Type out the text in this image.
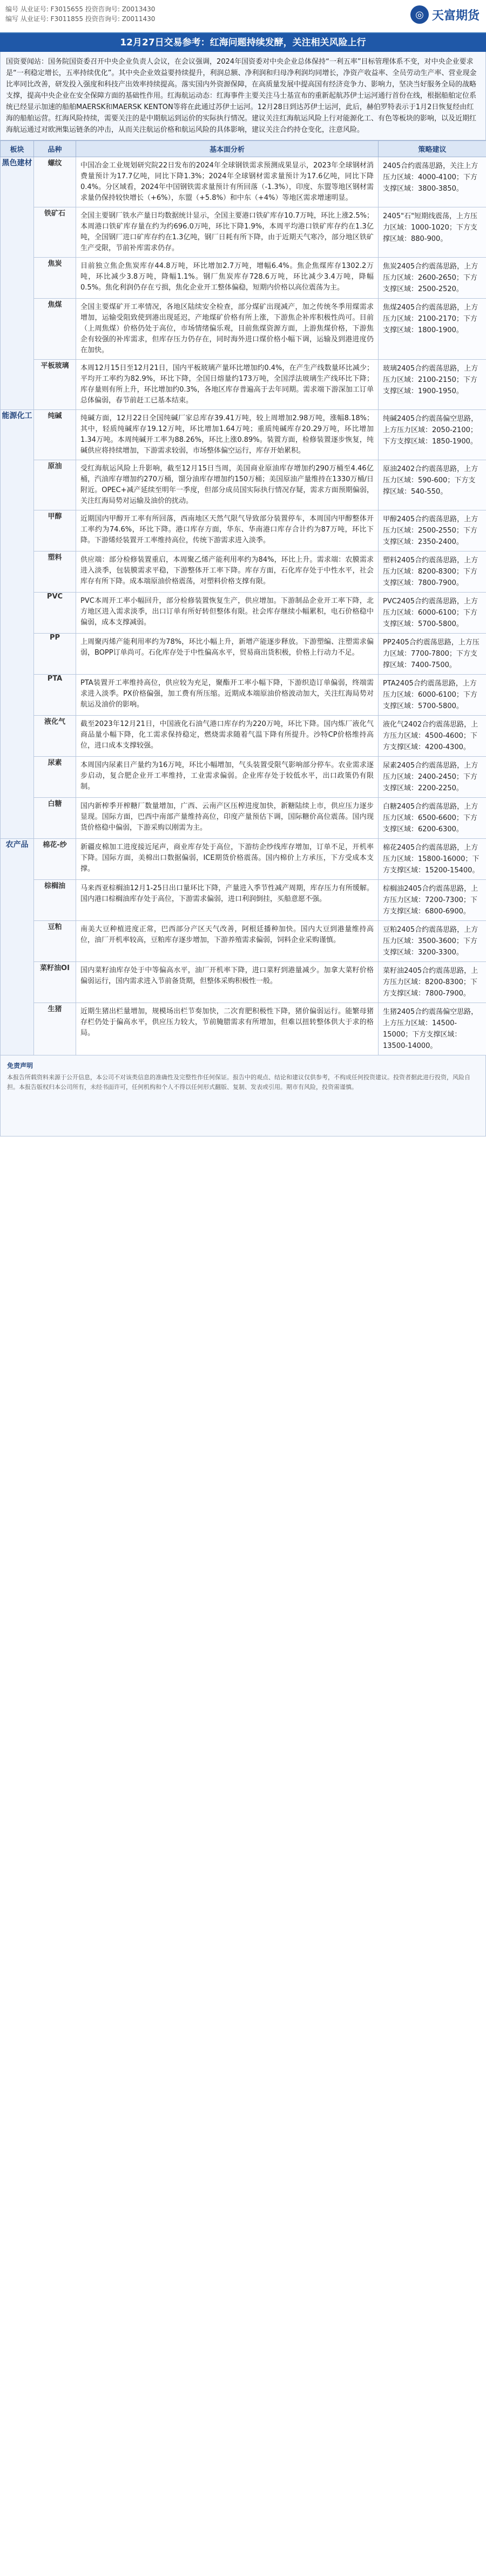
编号 从业证号: F3015655 投资咨询号: Z0013430
编写 从业证号: F3011855 投资咨询号: Z0011430	◎ 天富期货
12月27日交易参考：红海问题持续发酵，关注相关风险上行
国资要闻站：国务院国资委召开中央企业负责人会议，在会议强调，2024年国资委对中央企业总体保持“一利五率”目标管理体系不变，对中央企业要求是“一利稳定增长，五率持续优化”。其中央企业效益要持续提升，利润总额、净利润和归母净利润均同增长，净资产收益率、全员劳动生产率、营业现金比率同比改善，研发投入强度和科技产出效率持续提高。落实国内外资源保障，在高质量发展中提高国有经济竞争力、影响力，坚决当好服务全局的战略支撑，提高中央企业在安全保障方面的基础性作用。红海航运动态：红海事件主要关注马士基宣布的重新起航苏伊士运河通行首份在线，根据船舶定位系统已经显示加速的船舶MAERSK和MAERSK KENTON等将在此通过苏伊士运河。12月28日到达苏伊士运河，此后，赫伯罗特表示于1月2日恢复经由红海的船舶运营。红海风险持续，需要关注的是中期航运到运价的实际执行情况。建议关注红海航运风险上行对能源化工、有色等板块的影响，以及近期红海航运通过对欧洲集运链条的冲击，从而关注航运价格和航运风险的具体影响，建议关注合约持仓变化，注意风险。
板块	品种	基本面分析	策略建议
黑色建材	螺纹	中国冶金工业规划研究院22日发布的2024年全球钢铁需求预测成果显示，2023年全球钢材消费量预计为17.7亿吨，同比下降1.3%；2024年全球钢材需求量预计为17.6亿吨，同比下降0.4%。分区域看，2024年中国钢铁需求量预计有所回落（-1.3%），印度、东盟等地区钢材需求量仍保持较快增长（+6%），东盟（+5.8%）和中东（+4%）等地区需求增速明显。	2405合约震荡思路，关注上方压力区域：4000-4100；下方支撑区域：3800-3850。
	铁矿石	全国主要钢厂铁水产量日均数据统计显示，全国主要港口铁矿库存10.7万吨，环比上涨2.5%；本周港口铁矿库存量在约为约696.0万吨，环比下降1.9%，本周平均港口铁矿库存约在1.3亿吨，全国钢厂进口矿库存约在1.3亿吨，钢厂日耗有所下降，由于近期天气寒冷，部分地区铁矿生产受限，节前补库需求仍存。	2405"石"短期线震荡，上方压力区域：1000-1020；下方支撑区域：880-900。
	焦炭	目前独立焦企焦炭库存44.8万吨，环比增加2.7万吨，增幅6.4%。焦企焦煤库存1302.2万吨，环比减少3.8万吨，降幅1.1%。钢厂焦炭库存728.6万吨，环比减少3.4万吨，降幅0.5%。焦化利润仍存在亏损，焦化企业开工整体偏稳，短期内价格以高位震荡为主。	焦炭2405合约震荡思路，上方压力区域：2600-2650；下方支撑区域：2500-2520。
	焦煤	全国主要煤矿开工率情况，各地区陆续安全检查，部分煤矿出现减产，加之传统冬季用煤需求增加，运输受阻致使到港出现延迟，产地煤矿价格有所上涨，下游焦企补库积极性尚可。目前（上周焦煤）价格仍处于高位，市场情绪偏乐观，目前焦煤资源方面，上游焦煤价格，下游焦企有较强的补库需求，但库存压力仍存在，同时海外进口煤价格小幅下调，运输及到港进度仍在加快。	焦煤2405合约震荡思路，上方压力区域：2100-2170；下方支撑区域：1800-1900。
	平板玻璃	本周12月15日至12月21日，国内平板玻璃产量环比增加约0.4%，在产生产线数量环比减少；平均开工率约为82.9%，环比下降，全国日熔量约173万吨，全国浮法玻璃生产线环比下降；库存量则有所上升，环比增加约0.3%，各地区库存普遍高于去年同期。需求端下游深加工订单总体偏弱，春节前赶工已基本结束。	玻璃2405合约震荡思路，上方压力区域：2100-2150；下方支撑区域：1900-1950。
能源化工	纯碱	纯碱方面，12月22日全国纯碱厂家总库存39.41万吨，较上周增加2.98万吨，涨幅8.18%；其中，轻质纯碱库存19.12万吨，环比增加1.64万吨；重质纯碱库存20.29万吨，环比增加1.34万吨。本周纯碱开工率为88.26%，环比上涨0.89%。装置方面，检修装置逐步恢复，纯碱供应将持续增加，下游需求较弱，市场整体偏空运行，库存开始累积。	纯碱2405合约震荡偏空思路，上方压力区域：2050-2100；下方支撑区域：1850-1900。
	原油	受红海航运风险上升影响，截至12月15日当周，美国商业原油库存增加约290万桶至4.46亿桶，汽油库存增加约270万桶，馏分油库存增加约150万桶；美国原油产量维持在1330万桶/日附近。OPEC+减产延续至明年一季度，但部分成员国实际执行情况存疑，需求方面预期偏弱，关注红海局势对运输及油价的扰动。	原油2402合约震荡思路，上方压力区域：590-600；下方支撑区域：540-550。
	甲醇	近期国内甲醇开工率有所回落，西南地区天然气限气导致部分装置停车，本周国内甲醇整体开工率约为74.6%，环比下降。港口库存方面，华东、华南港口库存合计约为87万吨，环比下降。下游烯烃装置开工率维持高位，传统下游需求进入淡季。	甲醇2405合约震荡思路，上方压力区域：2500-2550；下方支撑区域：2350-2400。
	塑料	供应端：部分检修装置重启，本周聚乙烯产能利用率约为84%，环比上升。需求端：农膜需求进入淡季，包装膜需求平稳，下游整体开工率下降。库存方面，石化库存处于中性水平，社会库存有所下降。成本端原油价格震荡，对塑料价格支撑有限。	塑料2405合约震荡思路，上方压力区域：8200-8300；下方支撑区域：7800-7900。
	PVC	PVC本周开工率小幅回升，部分检修装置恢复生产，供应增加。下游制品企业开工率下降，北方地区进入需求淡季，出口订单有所好转但整体有限。社会库存继续小幅累积，电石价格稳中偏弱，成本支撑减弱。	PVC2405合约震荡思路，上方压力区域：6000-6100；下方支撑区域：5700-5800。
	PP	上周聚丙烯产能利用率约为78%，环比小幅上升，新增产能逐步释放。下游塑编、注塑需求偏弱，BOPP订单尚可。石化库存处于中性偏高水平，贸易商出货积极，价格上行动力不足。	PP2405合约震荡思路，上方压力区域：7700-7800；下方支撑区域：7400-7500。
	PTA	PTA装置开工率维持高位，供应较为充足，聚酯开工率小幅下降，下游织造订单偏弱，终端需求进入淡季。PX价格偏强，加工费有所压缩。近期成本端原油价格波动加大，关注红海局势对航运及油价的影响。	PTA2405合约震荡思路，上方压力区域：6000-6100；下方支撑区域：5700-5800。
	液化气	截至2023年12月21日，中国液化石油气港口库存约为220万吨，环比下降。国内炼厂液化气商品量小幅下降，化工需求保持稳定，燃烧需求随着气温下降有所提升。沙特CP价格维持高位，进口成本支撑较强。	液化气2402合约震荡思路，上方压力区域：4500-4600；下方支撑区域：4200-4300。
	尿素	本周国内尿素日产量约为16万吨，环比小幅增加，气头装置受限气影响部分停车。农业需求逐步启动，复合肥企业开工率维持，工业需求偏弱。企业库存处于较低水平，出口政策仍有限制。	尿素2405合约震荡思路，上方压力区域：2400-2450；下方支撑区域：2200-2250。
	白糖	国内新榨季开榨糖厂数量增加，广西、云南产区压榨进度加快，新糖陆续上市，供应压力逐步显现。国际方面，巴西中南部产量维持高位，印度产量预估下调，国际糖价高位震荡。国内现货价格稳中偏弱，下游采购以刚需为主。	白糖2405合约震荡思路，上方压力区域：6500-6600；下方支撑区域：6200-6300。
农产品	棉花-纱	新疆皮棉加工进度接近尾声，商业库存处于高位，下游纺企纱线库存增加，订单不足，开机率下降。国际方面，美棉出口数据偏弱，ICE期货价格震荡。国内棉价上方承压，下方受成本支撑。	棉花2405合约震荡思路，上方压力区域：15800-16000；下方支撑区域：15200-15400。
	棕榈油	马来西亚棕榈油12月1-25日出口量环比下降，产量进入季节性减产周期，库存压力有所缓解。国内港口棕榈油库存处于高位，下游需求偏弱，进口利润倒挂，买船意愿不强。	棕榈油2405合约震荡思路，上方压力区域：7200-7300；下方支撑区域：6800-6900。
	豆粕	南美大豆种植进度正常，巴西部分产区天气改善，阿根廷播种加快。国内大豆到港量维持高位，油厂开机率较高，豆粕库存逐步增加，下游养殖需求偏弱，饲料企业采购谨慎。	豆粕2405合约震荡思路，上方压力区域：3500-3600；下方支撑区域：3200-3300。
	菜籽油OI	国内菜籽油库存处于中等偏高水平，油厂开机率下降，进口菜籽到港量减少。加拿大菜籽价格偏弱运行，国内需求进入节前备货期，但整体采购积极性一般。	菜籽油2405合约震荡思路，上方压力区域：8200-8300；下方支撑区域：7800-7900。
	生猪	近期生猪出栏量增加，规模场出栏节奏加快，二次育肥积极性下降，猪价偏弱运行。能繁母猪存栏仍处于偏高水平，供应压力较大，节前腌腊需求有所增加，但难以扭转整体供大于求的格局。	生猪2405合约震荡偏空思路，上方压力区域：14500-15000；下方支撑区域：13500-14000。
免责声明
本报告所载资料来源于公开信息，本公司不对该类信息的准确性及完整性作任何保证。报告中的观点、结论和建议仅供参考，不构成任何投资建议。投资者据此进行投资，风险自担。本报告版权归本公司所有，未经书面许可，任何机构和个人不得以任何形式翻版、复制、发表或引用。期市有风险，投资需谨慎。
